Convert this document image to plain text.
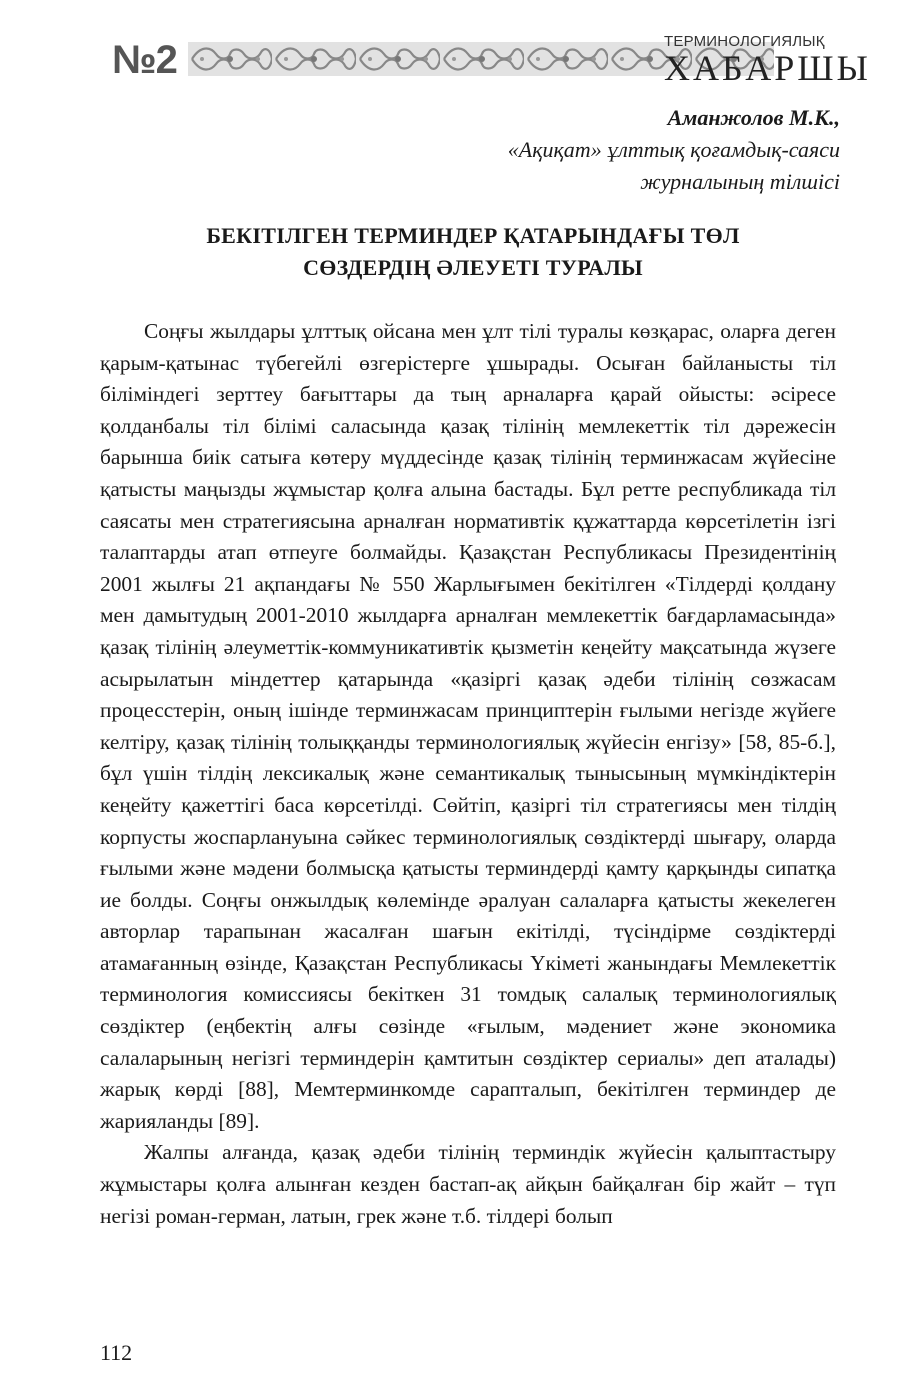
№2	ТЕРМИНОЛОГИЯЛЫҚ
ХАБАРШЫ
Аманжолов М.К.,
«Ақиқат» ұлттық қоғамдық-саяси
журналының тілшісі
БЕКІТІЛГЕН ТЕРМИНДЕР ҚАТАРЫНДАҒЫ ТӨЛ
СӨЗДЕРДІҢ ӘЛЕУЕТІ ТУРАЛЫ

Соңғы жылдары ұлттық ойсана мен ұлт тілі туралы көзқарас, оларға деген қарым-қатынас түбегейлі өзгерістерге ұшырады. Осыған байланысты тіл біліміндегі зерттеу бағыттары да тың арналарға қарай ойысты: әсіресе қолданбалы тіл білімі саласында қазақ тілінің мемлекеттік тіл дәрежесін барынша биік сатыға көтеру мүддесінде қазақ тілінің терминжасам жүйесіне қатысты маңызды жұмыстар қолға алына бастады. Бұл ретте республикада тіл саясаты мен стратегиясына арналған нормативтік құжаттарда көрсетілетін ізгі талаптарды атап өтпеуге болмайды. Қазақстан Республикасы Президентінің 2001 жылғы 21 ақпандағы № 550 Жарлығымен бекітілген «Тілдерді қолдану мен дамытудың 2001-2010 жылдарға арналған мемлекеттік бағдарламасында» қазақ тілінің әлеуметтік-коммуникативтік қызметін кеңейту мақсатында жүзеге асырылатын міндеттер қатарында «қазіргі қазақ әдеби тілінің сөзжасам процесстерін, оның ішінде терминжасам принциптерін ғылыми негізде жүйеге келтіру, қазақ тілінің толыққанды терминологиялық жүйесін енгізу» [58, 85-б.], бұл үшін тілдің лексикалық және семантикалық тынысының мүмкіндіктерін кеңейту қажеттігі баса көрсетілді. Сөйтіп, қазіргі тіл стратегиясы мен тілдің корпусты жоспарлануына сәйкес терминологиялық сөздіктерді шығару, оларда ғылыми және мәдени болмысқа қатысты терминдерді қамту қарқынды сипатқа ие болды. Соңғы онжылдық көлемінде әралуан салаларға қатысты жекелеген авторлар тарапынан жасалған шағын екітілді, түсіндірме сөздіктерді атамағанның өзінде, Қазақстан Республикасы Үкіметі жанындағы Мемлекеттік терминология комиссиясы бекіткен 31 томдық салалық терминологиялық сөздіктер (еңбектің алғы сөзінде «ғылым, мәдениет және экономика салаларының негізгі терминдерін қамтитын сөздіктер сериалы» деп аталады) жарық көрді [88], Мемтерминкомде сарапталып, бекітілген терминдер де жарияланды [89].

Жалпы алғанда, қазақ әдеби тілінің терминдік жүйесін қалыптастыру жұмыстары қолға алынған кезден бастап-ақ айқын байқалған бір жайт – түп негізі роман-герман, латын, грек және т.б. тілдері болып

112
